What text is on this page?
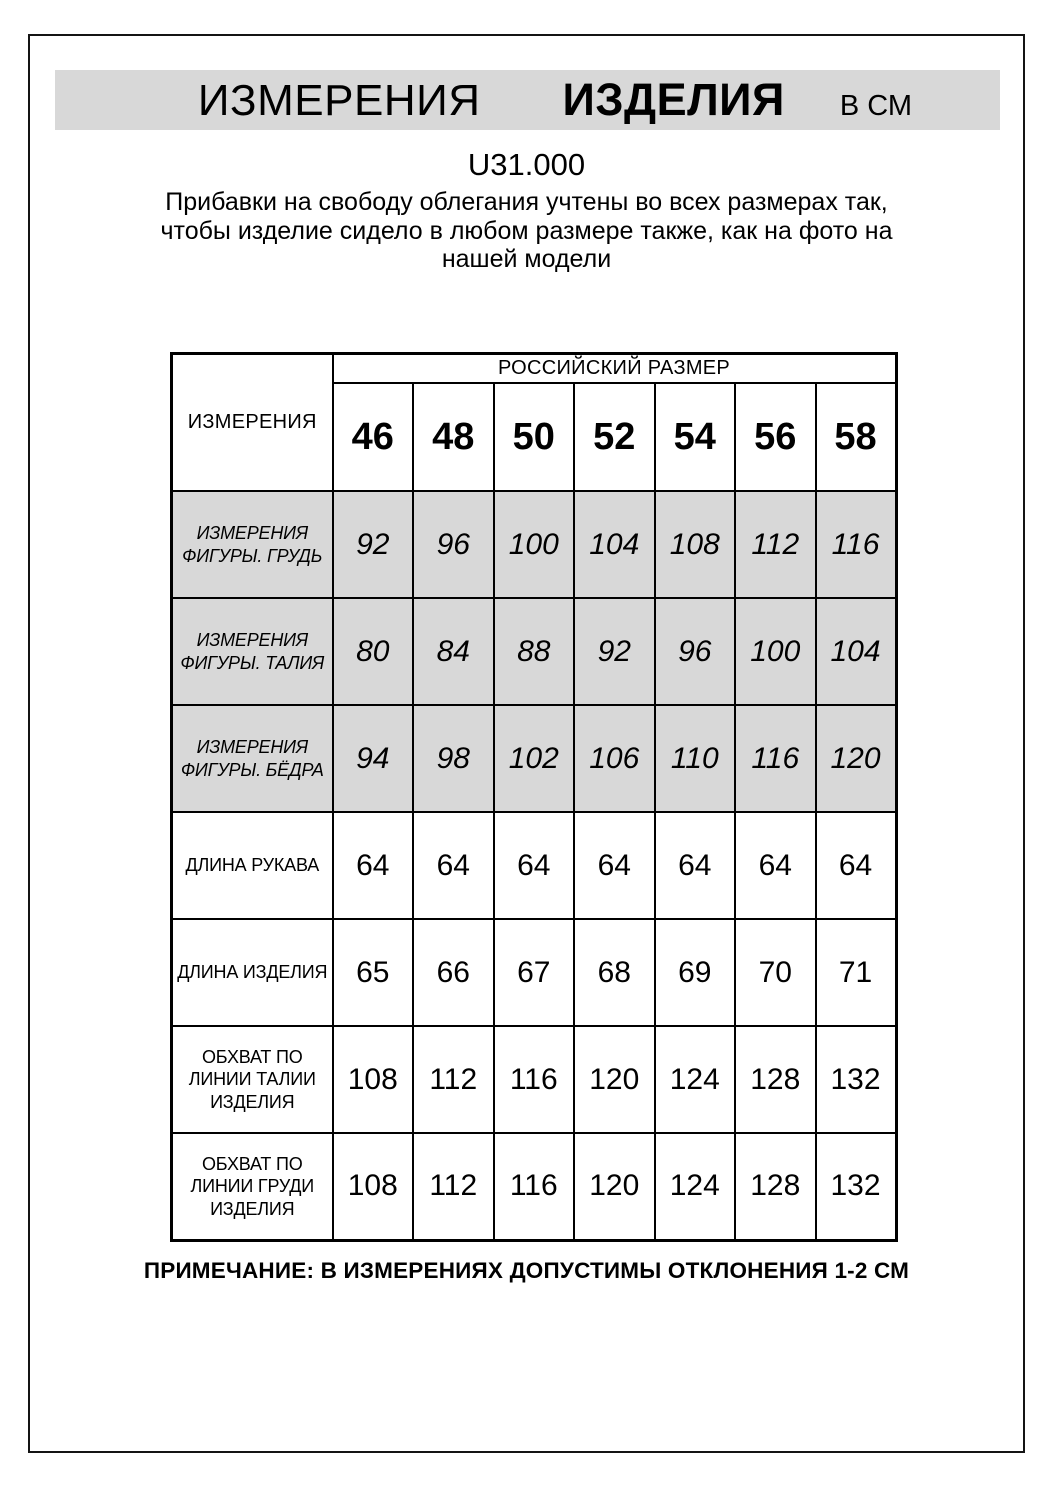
ИЗМЕРЕНИЯ ИЗДЕЛИЯ В СМ
U31.000
Прибавки на свободу облегания учтены во всех размерах так, чтобы изделие сидело в любом размере также, как на фото на нашей модели
ИЗМЕРЕНИЯ	РОССИЙСКИЙ РАЗМЕР						
	46	48	50	52	54	56	58
ИЗМЕРЕНИЯ ФИГУРЫ. ГРУДЬ	92	96	100	104	108	112	116
ИЗМЕРЕНИЯ ФИГУРЫ. ТАЛИЯ	80	84	88	92	96	100	104
ИЗМЕРЕНИЯ ФИГУРЫ. БЁДРА	94	98	102	106	110	116	120
ДЛИНА РУКАВА	64	64	64	64	64	64	64
ДЛИНА ИЗДЕЛИЯ	65	66	67	68	69	70	71
ОБХВАТ ПО ЛИНИИ ТАЛИИ ИЗДЕЛИЯ	108	112	116	120	124	128	132
ОБХВАТ ПО ЛИНИИ ГРУДИ ИЗДЕЛИЯ	108	112	116	120	124	128	132
ПРИМЕЧАНИЕ: В ИЗМЕРЕНИЯХ ДОПУСТИМЫ ОТКЛОНЕНИЯ 1-2 СМ
